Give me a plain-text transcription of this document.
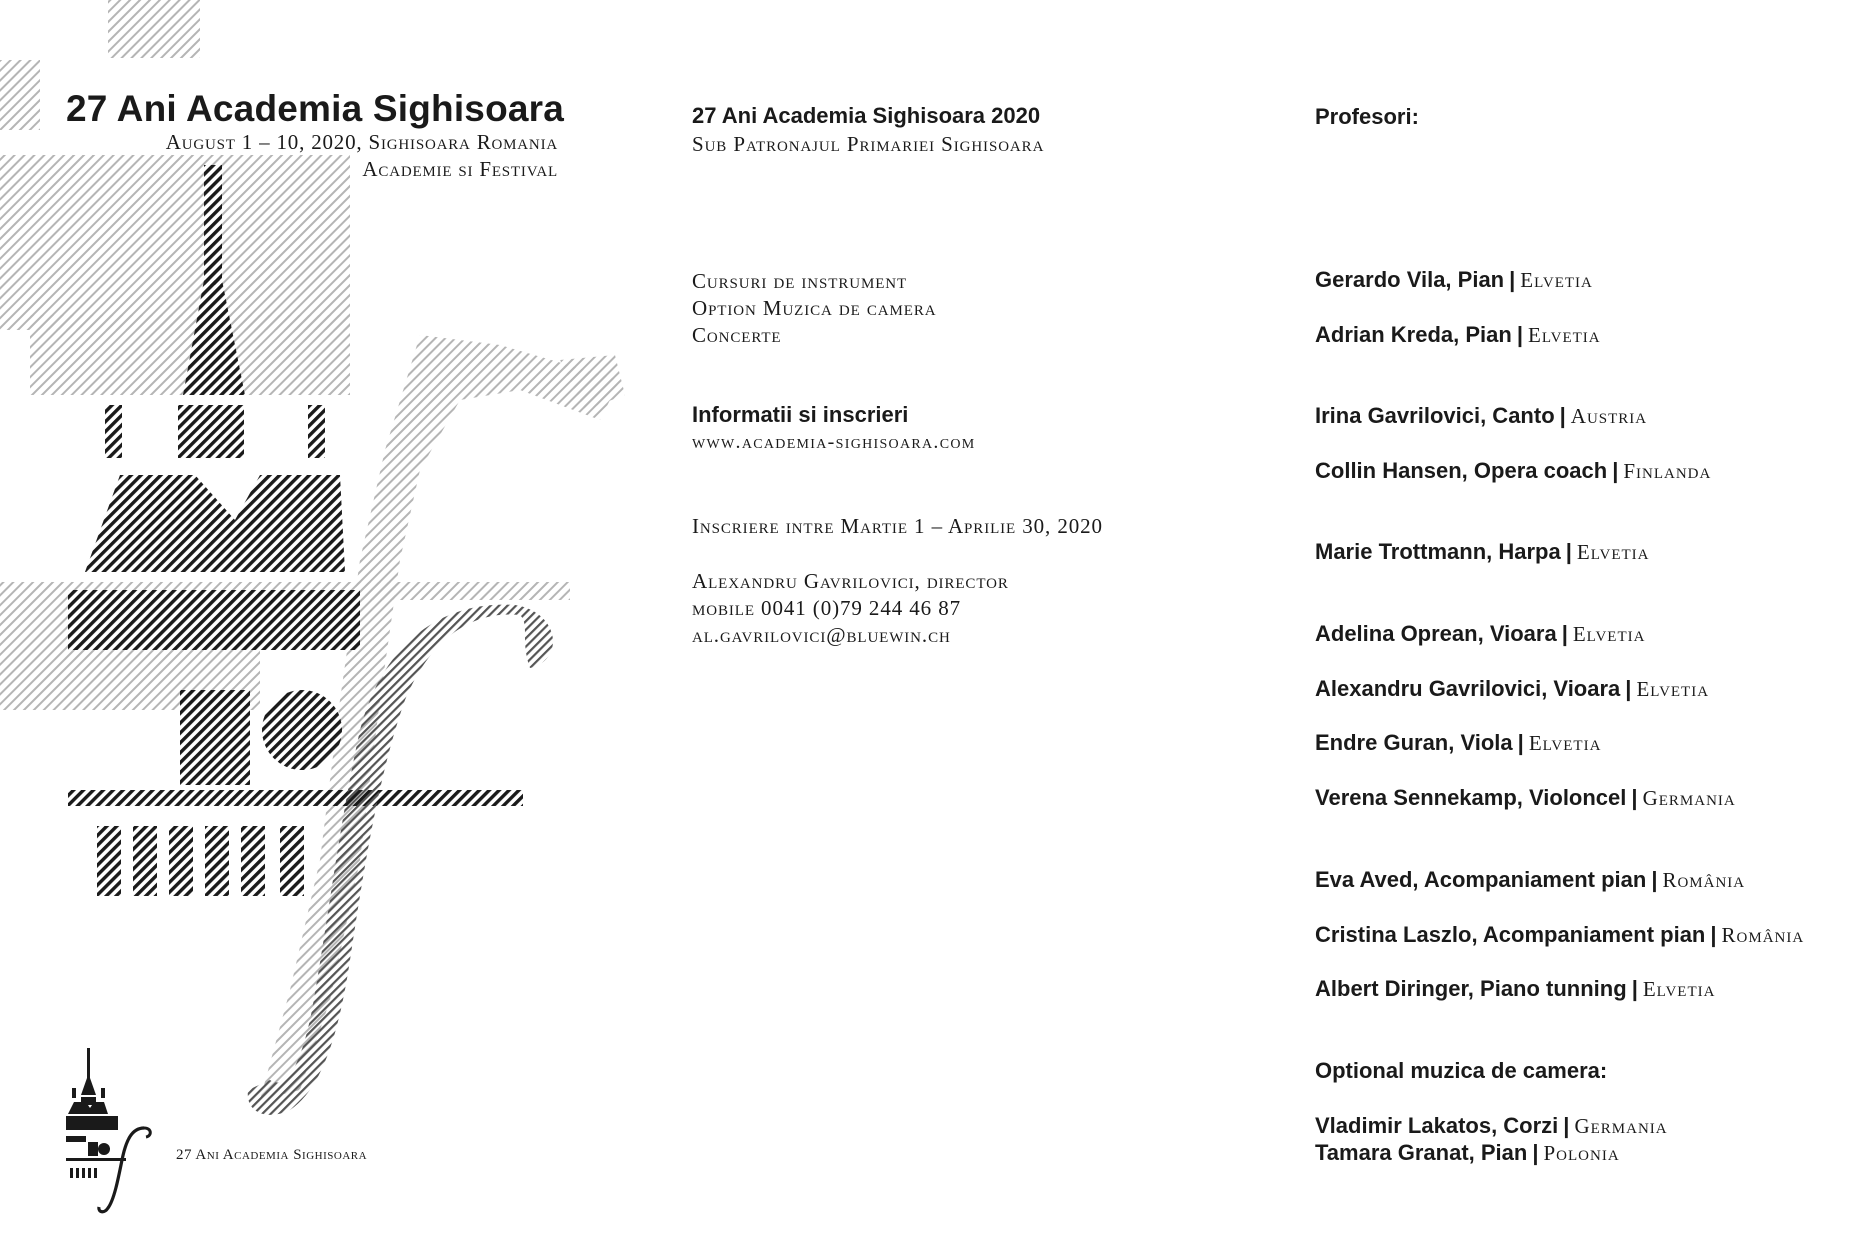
27 Ani Academia Sighisoara
August 1 – 10, 2020, Sighisoara Romania
Academie si Festival
27 Ani Academia Sighisoara
27 Ani Academia Sighisoara 2020
Sub Patronajul Primariei Sighisoara
Cursuri de instrument
Option Muzica de camera
Concerte
Informatii si inscrieri
www.academia-sighisoara.com
Inscriere intre Martie 1 – Aprilie 30, 2020
Alexandru Gavrilovici, director
mobile 0041 (0)79 244 46 87
al.gavrilovici@bluewin.ch
Profesori:
Gerardo Vila, Pian | Elvetia
Adrian Kreda, Pian | Elvetia
Irina Gavrilovici, Canto | Austria
Collin Hansen, Opera coach | Finlanda
Marie Trottmann, Harpa | Elvetia
Adelina Oprean, Vioara | Elvetia
Alexandru Gavrilovici, Vioara | Elvetia
Endre Guran, Viola | Elvetia
Verena Sennekamp, Violoncel | Germania
Eva Aved, Acompaniament pian | România
Cristina Laszlo, Acompaniament pian | România
Albert Diringer, Piano tunning | Elvetia
Optional muzica de camera:
Vladimir Lakatos, Corzi | Germania
Tamara Granat, Pian | Polonia
